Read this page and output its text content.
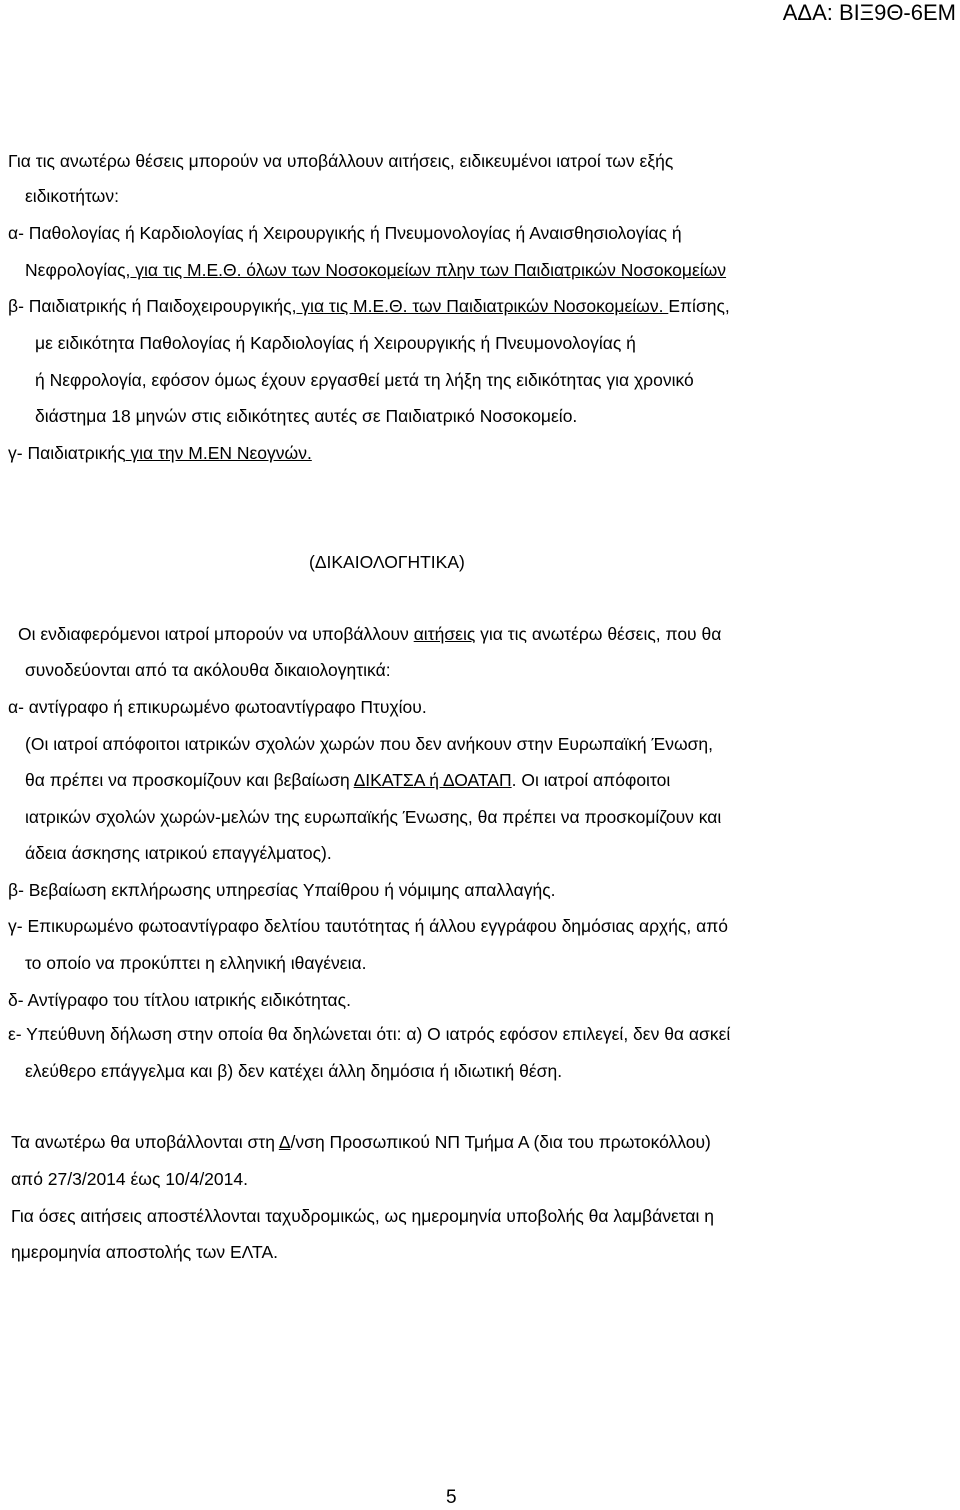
ΑΔΑ: ΒΙΞ9Θ-6ΕΜ

Για τις ανωτέρω θέσεις μπορούν να υποβάλλουν αιτήσεις, ειδικευμένοι ιατροί των εξής

ειδικοτήτων:

α- Παθολογίας ή Καρδιολογίας ή Χειρουργικής ή Πνευμονολογίας ή Αναισθησιολογίας ή

Νεφρολογίας, για τις Μ.Ε.Θ. όλων των Νοσοκομείων πλην των Παιδιατρικών Νοσοκομείων

β- Παιδιατρικής ή Παιδοχειρουργικής, για τις Μ.Ε.Θ. των Παιδιατρικών Νοσοκομείων. Επίσης,

με ειδικότητα Παθολογίας ή Καρδιολογίας ή Χειρουργικής ή Πνευμονολογίας ή

ή Νεφρολογία, εφόσον όμως έχουν εργασθεί μετά τη λήξη της ειδικότητας για χρονικό

διάστημα 18 μηνών στις ειδικότητες αυτές σε Παιδιατρικό Νοσοκομείο.

γ- Παιδιατρικής για την Μ.ΕΝ Νεογνών.

(ΔΙΚΑΙΟΛΟΓΗΤΙΚΑ)

Οι ενδιαφερόμενοι ιατροί μπορούν να υποβάλλουν αιτήσεις για τις ανωτέρω θέσεις, που θα

συνοδεύονται από τα ακόλουθα δικαιολογητικά:

α- αντίγραφο ή επικυρωμένο φωτοαντίγραφο Πτυχίου.

(Οι ιατροί απόφοιτοι ιατρικών σχολών χωρών που δεν ανήκουν στην Ευρωπαϊκή Ένωση,

θα πρέπει να προσκομίζουν και βεβαίωση ΔΙΚΑΤΣΑ ή ΔΟΑΤΑΠ. Οι ιατροί απόφοιτοι

ιατρικών σχολών χωρών-μελών της ευρωπαϊκής Ένωσης, θα πρέπει να προσκομίζουν και

άδεια άσκησης ιατρικού επαγγέλματος).

β- Βεβαίωση εκπλήρωσης υπηρεσίας Υπαίθρου ή νόμιμης απαλλαγής.

γ- Επικυρωμένο φωτοαντίγραφο δελτίου ταυτότητας ή άλλου εγγράφου δημόσιας αρχής, από

το οποίο να προκύπτει η ελληνική ιθαγένεια.

δ- Αντίγραφο του τίτλου ιατρικής ειδικότητας.

ε- Υπεύθυνη δήλωση στην οποία θα δηλώνεται ότι: α) Ο ιατρός εφόσον επιλεγεί, δεν θα ασκεί

ελεύθερο επάγγελμα και β) δεν κατέχει άλλη δημόσια ή ιδιωτική θέση.

Τα ανωτέρω θα υποβάλλονται στη Δ/νση Προσωπικού ΝΠ Τμήμα Α (δια του πρωτοκόλλου)

από 27/3/2014 έως 10/4/2014.

Για όσες αιτήσεις αποστέλλονται ταχυδρομικώς, ως ημερομηνία υποβολής θα λαμβάνεται η

ημερομηνία αποστολής των ΕΛΤΑ.

5
